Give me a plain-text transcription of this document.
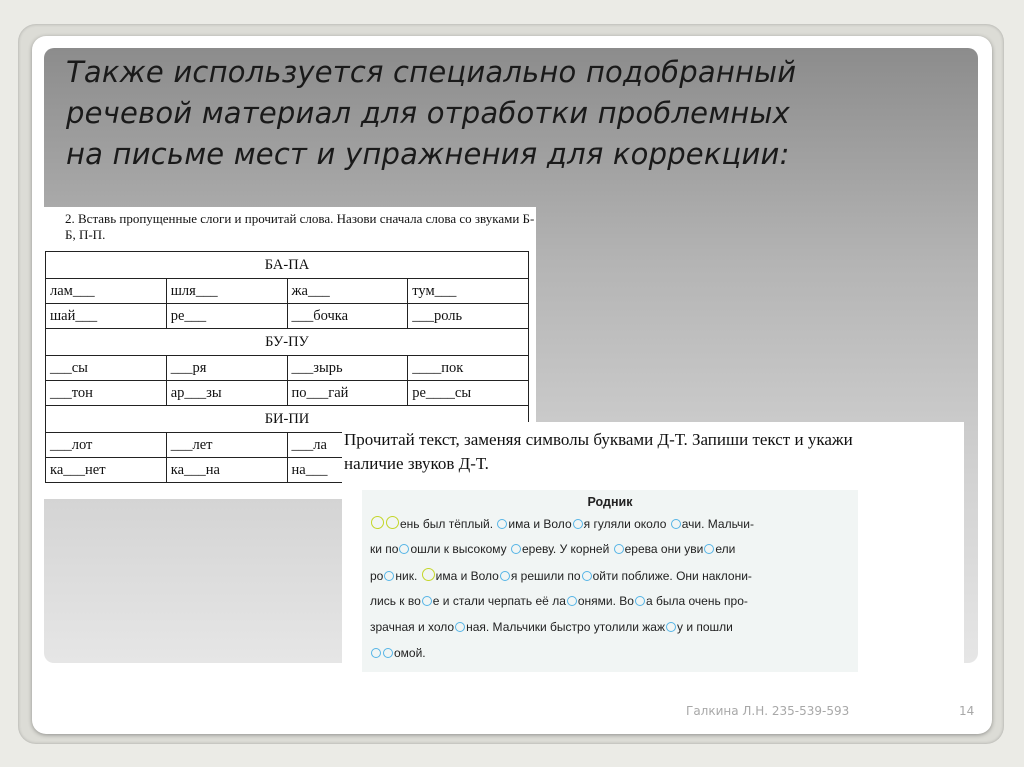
Также используется специально подобранный
речевой материал для отработки проблемных
на письме мест и упражнения для коррекции:
2. Вставь пропущенные слоги и прочитай слова. Назови сначала слова со звуками Б-Б, П-П.
БА-ПА			
лам___	шля___	жа___	тум___
шай___	ре___	___бочка	___роль
БУ-ПУ			
___сы	___ря	___зырь	____пок
___тон	ар___зы	по___гай	ре____сы
БИ-ПИ			
___лот	___лет	___ла	
ка___нет	ка___на	на___	

Прочитай текст, заменяя символы буквами Д-Т. Запиши текст и укажи
наличие звуков Д-Т.

Родник
ень был тёплый. има и Воло я гуляли около ачи. Мальчи-
ки по ошли к высокому ереву. У корней ерева они уви ели
ро ник. има и Воло я решили по ойти поближе. Они наклони-
лись к во е и стали черпать её ла онями. Во а была очень про-
зрачная и холо ная. Мальчики быстро утолили жаж у и пошли
омой.
Галкина Л.Н. 235-539-593	14
